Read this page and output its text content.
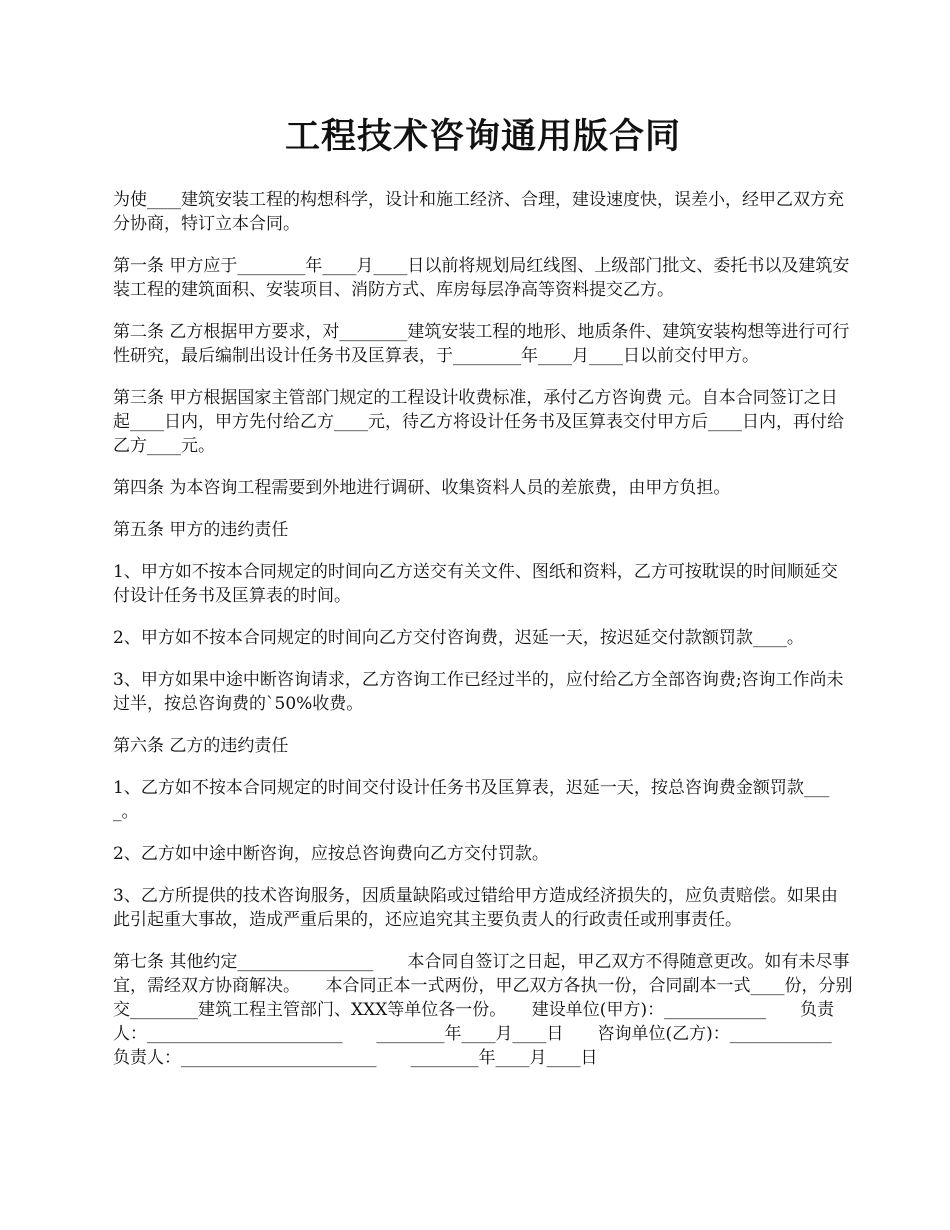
工程技术咨询通用版合同

为使____建筑安装工程的构想科学，设计和施工经济、合理，建设速度快，误差小，经甲乙双方充分协商，特订立本合同。

第一条 甲方应于________年____月____日以前将规划局红线图、上级部门批文、委托书以及建筑安装工程的建筑面积、安装项目、消防方式、库房每层净高等资料提交乙方。

第二条 乙方根据甲方要求，对________建筑安装工程的地形、地质条件、建筑安装构想等进行可行性研究，最后编制出设计任务书及匡算表，于________年____月____日以前交付甲方。

第三条 甲方根据国家主管部门规定的工程设计收费标准，承付乙方咨询费 元。自本合同签订之日起____日内，甲方先付给乙方____元，待乙方将设计任务书及匡算表交付甲方后____日内，再付给乙方____元。

第四条 为本咨询工程需要到外地进行调研、收集资料人员的差旅费，由甲方负担。

第五条 甲方的违约责任

1、甲方如不按本合同规定的时间向乙方送交有关文件、图纸和资料，乙方可按耽误的时间顺延交付设计任务书及匡算表的时间。

2、甲方如不按本合同规定的时间向乙方交付咨询费，迟延一天，按迟延交付款额罚款____。

3、甲方如果中途中断咨询请求，乙方咨询工作已经过半的，应付给乙方全部咨询费;咨询工作尚未过半，按总咨询费的`50%收费。

第六条 乙方的违约责任

1、乙方如不按本合同规定的时间交付设计任务书及匡算表，迟延一天，按总咨询费金额罚款____。

2、乙方如中途中断咨询，应按总咨询费向乙方交付罚款。

3、乙方所提供的技术咨询服务，因质量缺陷或过错给甲方造成经济损失的，应负责赔偿。如果由此引起重大事故，造成严重后果的，还应追究其主要负责人的行政责任或刑事责任。

第七条 其他约定________________　　本合同自签订之日起，甲乙双方不得随意更改。如有未尽事宜，需经双方协商解决。　　本合同正本一式两份，甲乙双方各执一份，合同副本一式____份，分别交________建筑工程主管部门、XXX等单位各一份。　　建设单位(甲方)：____________　　负责人：_______________________　　________年____月____日　　咨询单位(乙方)：____________　　负责人：_______________________　　________年____月____日
